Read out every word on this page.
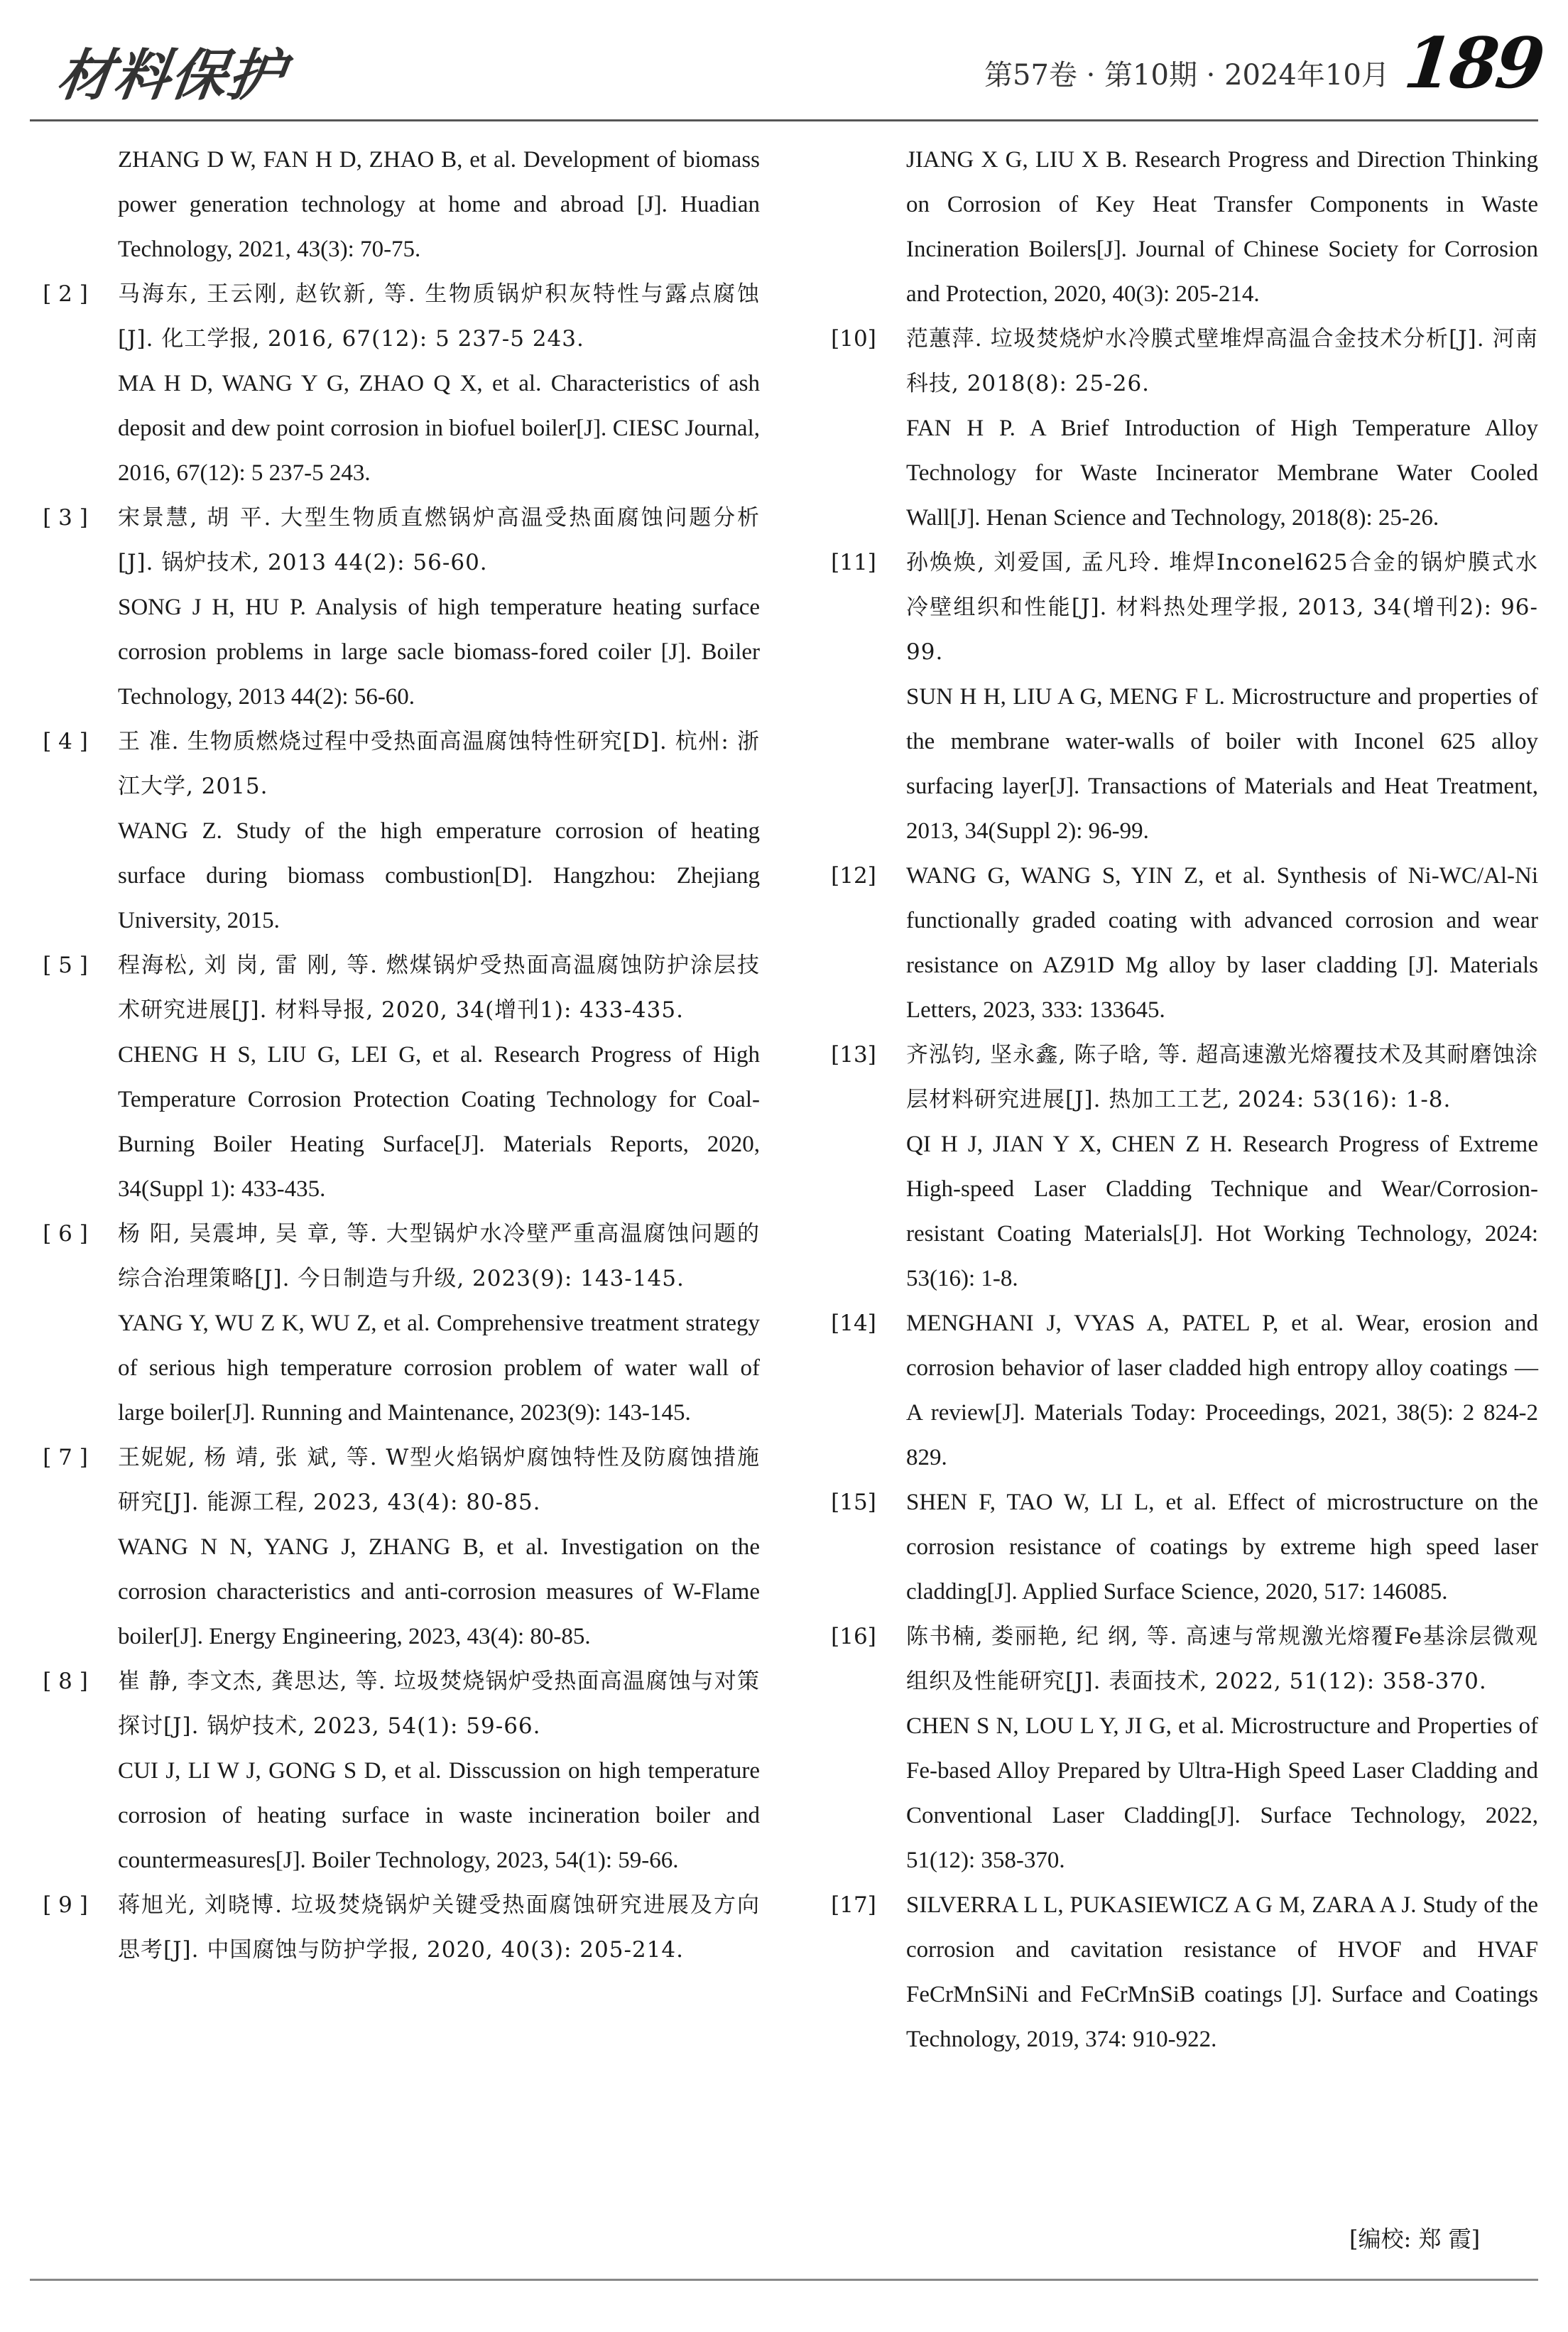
材料保护	第57卷 · 第10期 · 2024年10月 189
ZHANG D W, FAN H D, ZHAO B, et al. Development of biomass power generation technology at home and abroad [J]. Huadian Technology, 2021, 43(3): 70-75.
[ 2 ]	马海东, 王云刚, 赵钦新, 等. 生物质锅炉积灰特性与露点腐蚀[J]. 化工学报, 2016, 67(12): 5 237-5 243.
MA H D, WANG Y G, ZHAO Q X, et al. Characteristics of ash deposit and dew point corrosion in biofuel boiler[J]. CIESC Journal, 2016, 67(12): 5 237-5 243.
[ 3 ]	宋景慧, 胡 平. 大型生物质直燃锅炉高温受热面腐蚀问题分析[J]. 锅炉技术, 2013 44(2): 56-60.
SONG J H, HU P. Analysis of high temperature heating surface corrosion problems in large sacle biomass-fored coiler [J]. Boiler Technology, 2013 44(2): 56-60.
[ 4 ]	王 准. 生物质燃烧过程中受热面高温腐蚀特性研究[D]. 杭州: 浙江大学, 2015.
WANG Z. Study of the high emperature corrosion of heating surface during biomass combustion[D]. Hangzhou: Zhejiang University, 2015.
[ 5 ]	程海松, 刘 岗, 雷 刚, 等. 燃煤锅炉受热面高温腐蚀防护涂层技术研究进展[J]. 材料导报, 2020, 34(增刊1): 433-435.
CHENG H S, LIU G, LEI G, et al. Research Progress of High Temperature Corrosion Protection Coating Technology for Coal-Burning Boiler Heating Surface[J]. Materials Reports, 2020, 34(Suppl 1): 433-435.
[ 6 ]	杨 阳, 吴震坤, 吴 章, 等. 大型锅炉水冷壁严重高温腐蚀问题的综合治理策略[J]. 今日制造与升级, 2023(9): 143-145.
YANG Y, WU Z K, WU Z, et al. Comprehensive treatment strategy of serious high temperature corrosion problem of water wall of large boiler[J]. Running and Maintenance, 2023(9): 143-145.
[ 7 ]	王妮妮, 杨 靖, 张 斌, 等. W型火焰锅炉腐蚀特性及防腐蚀措施研究[J]. 能源工程, 2023, 43(4): 80-85.
WANG N N, YANG J, ZHANG B, et al. Investigation on the corrosion characteristics and anti-corrosion measures of W-Flame boiler[J]. Energy Engineering, 2023, 43(4): 80-85.
[ 8 ]	崔 静, 李文杰, 龚思达, 等. 垃圾焚烧锅炉受热面高温腐蚀与对策探讨[J]. 锅炉技术, 2023, 54(1): 59-66.
CUI J, LI W J, GONG S D, et al. Disscussion on high temperature corrosion of heating surface in waste incineration boiler and countermeasures[J]. Boiler Technology, 2023, 54(1): 59-66.
[ 9 ]	蒋旭光, 刘晓博. 垃圾焚烧锅炉关键受热面腐蚀研究进展及方向思考[J]. 中国腐蚀与防护学报, 2020, 40(3): 205-214.
JIANG X G, LIU X B. Research Progress and Direction Thinking on Corrosion of Key Heat Transfer Components in Waste Incineration Boilers[J]. Journal of Chinese Society for Corrosion and Protection, 2020, 40(3): 205-214.
[10]	范蕙萍. 垃圾焚烧炉水冷膜式壁堆焊高温合金技术分析[J]. 河南科技, 2018(8): 25-26.
FAN H P. A Brief Introduction of High Temperature Alloy Technology for Waste Incinerator Membrane Water Cooled Wall[J]. Henan Science and Technology, 2018(8): 25-26.
[11]	孙焕焕, 刘爱国, 孟凡玲. 堆焊Inconel625合金的锅炉膜式水冷壁组织和性能[J]. 材料热处理学报, 2013, 34(增刊2): 96-99.
SUN H H, LIU A G, MENG F L. Microstructure and properties of the membrane water-walls of boiler with Inconel 625 alloy surfacing layer[J]. Transactions of Materials and Heat Treatment, 2013, 34(Suppl 2): 96-99.
[12]	WANG G, WANG S, YIN Z, et al. Synthesis of Ni-WC/Al-Ni functionally graded coating with advanced corrosion and wear resistance on AZ91D Mg alloy by laser cladding [J]. Materials Letters, 2023, 333: 133645.
[13]	齐泓钧, 坚永鑫, 陈子晗, 等. 超高速激光熔覆技术及其耐磨蚀涂层材料研究进展[J]. 热加工工艺, 2024: 53(16): 1-8.
QI H J, JIAN Y X, CHEN Z H. Research Progress of Extreme High-speed Laser Cladding Technique and Wear/Corrosion-resistant Coating Materials[J]. Hot Working Technology, 2024: 53(16): 1-8.
[14]	MENGHANI J, VYAS A, PATEL P, et al. Wear, erosion and corrosion behavior of laser cladded high entropy alloy coatings — A review[J]. Materials Today: Proceedings, 2021, 38(5): 2 824-2 829.
[15]	SHEN F, TAO W, LI L, et al. Effect of microstructure on the corrosion resistance of coatings by extreme high speed laser cladding[J]. Applied Surface Science, 2020, 517: 146085.
[16]	陈书楠, 娄丽艳, 纪 纲, 等. 高速与常规激光熔覆Fe基涂层微观组织及性能研究[J]. 表面技术, 2022, 51(12): 358-370.
CHEN S N, LOU L Y, JI G, et al. Microstructure and Properties of Fe-based Alloy Prepared by Ultra-High Speed Laser Cladding and Conventional Laser Cladding[J]. Surface Technology, 2022, 51(12): 358-370.
[17]	SILVERRA L L, PUKASIEWICZ A G M, ZARA A J. Study of the corrosion and cavitation resistance of HVOF and HVAF FeCrMnSiNi and FeCrMnSiB coatings [J]. Surface and Coatings Technology, 2019, 374: 910-922.
[编校: 郑 霞]
